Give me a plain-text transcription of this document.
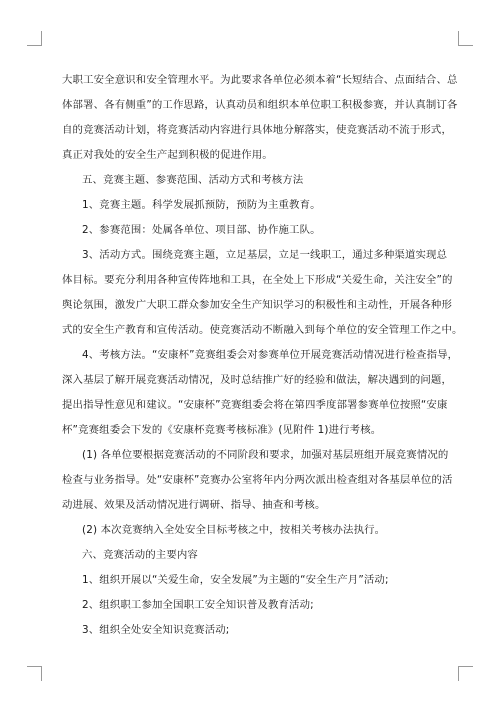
大职工安全意识和安全管理水平。为此要求各单位必须本着“长短结合、点面结合、总

体部署、各有侧重”的工作思路，认真动员和组织本单位职工积极参赛，并认真制订各

自的竞赛活动计划，将竞赛活动内容进行具体地分解落实，使竞赛活动不流于形式，

真正对我处的安全生产起到积极的促进作用。

五、竞赛主题、参赛范围、活动方式和考核方法

1、竞赛主题。科学发展抓预防，预防为主重教育。

2、参赛范围：处属各单位、项目部、协作施工队。

3、活动方式。围绕竞赛主题，立足基层，立足一线职工，通过多种渠道实现总

体目标。要充分利用各种宣传阵地和工具，在全处上下形成“关爱生命，关注安全”的

舆论氛围，激发广大职工群众参加安全生产知识学习的积极性和主动性，开展各种形

式的安全生产教育和宣传活动。使竞赛活动不断融入到每个单位的安全管理工作之中。

4、考核方法。“安康杯”竞赛组委会对参赛单位开展竞赛活动情况进行检查指导，

深入基层了解开展竞赛活动情况，及时总结推广好的经验和做法，解决遇到的问题，

提出指导性意见和建议。“安康杯”竞赛组委会将在第四季度部署参赛单位按照“安康

杯”竞赛组委会下发的《安康杯竞赛考核标准》(见附件 1)进行考核。

(1) 各单位要根据竞赛活动的不同阶段和要求，加强对基层班组开展竞赛情况的

检查与业务指导。处“安康杯”竞赛办公室将年内分两次派出检查组对各基层单位的活

动进展、效果及活动情况进行调研、指导、抽查和考核。

(2) 本次竞赛纳入全处安全目标考核之中，按相关考核办法执行。

六、竞赛活动的主要内容

1、组织开展以“关爱生命，安全发展”为主题的“安全生产月”活动;

2、组织职工参加全国职工安全知识普及教育活动;

3、组织全处安全知识竞赛活动;
